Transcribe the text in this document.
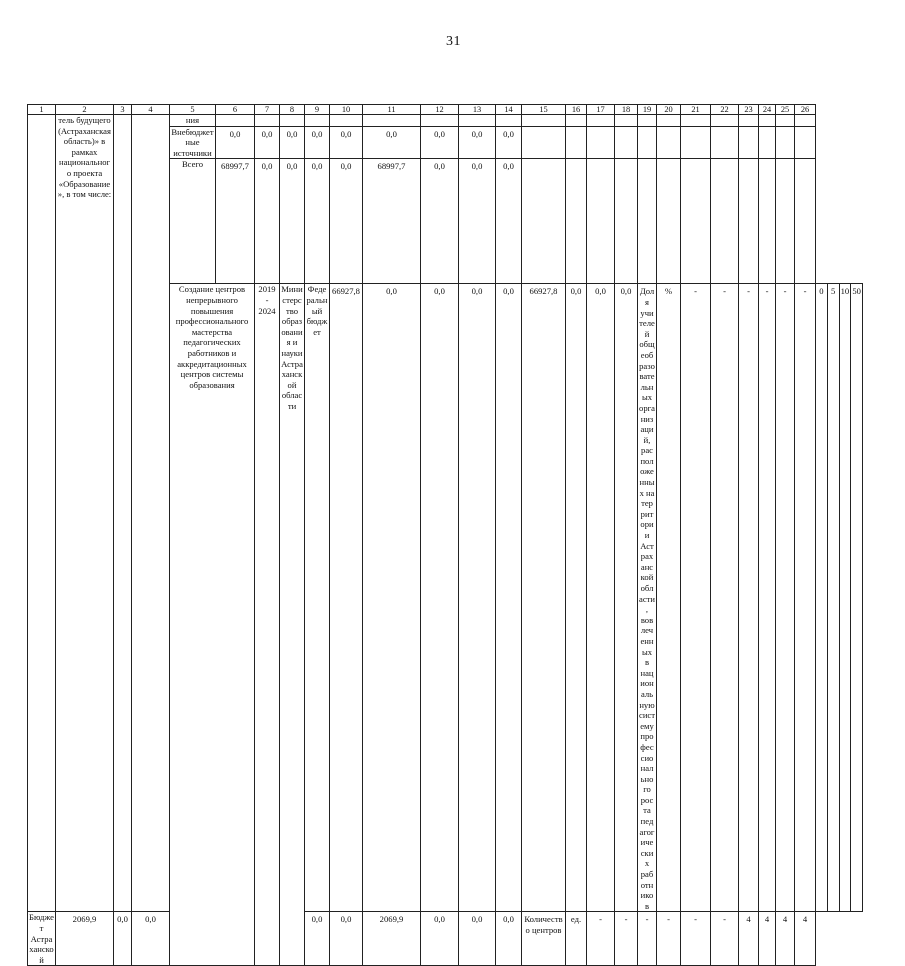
31
1	2	3	4	5	6	7	8	9	10	11	12	13	14	15	16	17	18	19	20	21	22	23	24	25	26				

	тель будущего (Астраханская область)» в рамках национального проекта «Образование», в том числе:			ния																									
				Внебюджетные источники	0,0	0,0	0,0	0,0	0,0	0,0	0,0	0,0	0,0																
				Всего	68997,7	0,0	0,0	0,0	0,0	68997,7	0,0	0,0	0,0																

				Создание центров непрерывного повышения профессионального мастерства педагогических работников и аккредитационных центров системы образования		2019 - 2024	Министерство образования и науки Астраханской области	Федеральный бюджет	66927,8	0,0	0,0	0,0	0,0	66927,8	0,0	0,0	0,0	Доля учителей общеобразовательных организаций, расположенных на территории Астраханской области, вовлеченных в национальную систему профессионального роста педагогических работников	%	-	-	-	-	-	-	0	5	10	50
Бюджет Астраханской	2069,9	0,0	0,0					0,0	0,0	2069,9	0,0	0,0	0,0	Количество центров	ед.	-	-	-	-	-	-	4	4	4	4				
